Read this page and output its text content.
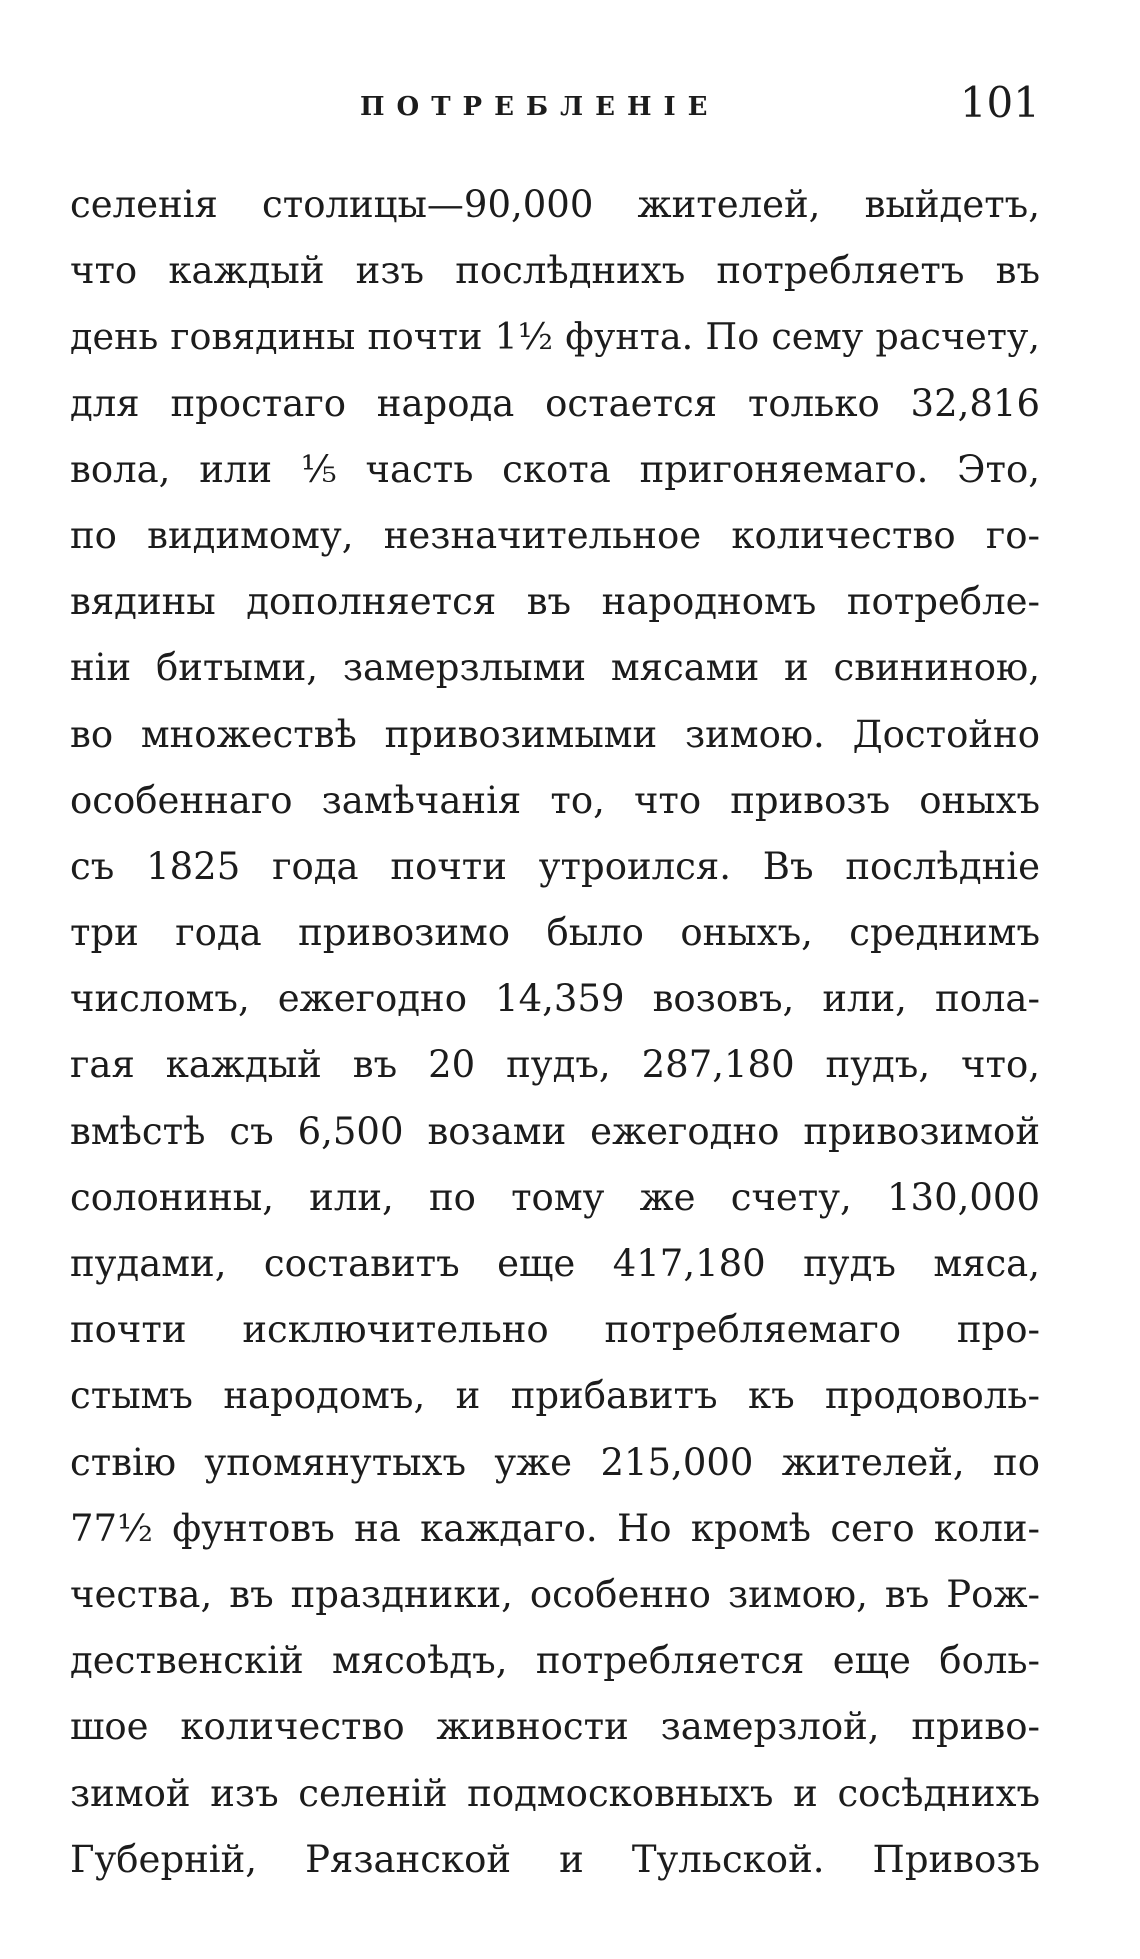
ПОТРЕБЛЕНIЕ	101
селенія столицы—90,000 жителей, выйдетъ,
что каждый изъ послѣднихъ потребляетъ въ
день говядины почти 1½ фунта. По сему расчету,
для простаго народа остается только 32,816
вола, или ⅕ часть скота пригоняемаго. Это,
по видимому, незначительное количество го-
вядины дополняется въ народномъ потребле-
ніи битыми, замерзлыми мясами и свининою,
во множествѣ привозимыми зимою. Достойно
особеннаго замѣчанія то, что привозъ оныхъ
съ 1825 года почти утроился. Въ послѣдніе
три года привозимо было оныхъ, среднимъ
числомъ, ежегодно 14,359 возовъ, или, пола-
гая каждый въ 20 пудъ, 287,180 пудъ, что,
вмѣстѣ съ 6,500 возами ежегодно привозимой
солонины, или, по тому же счету, 130,000
пудами, составитъ еще 417,180 пудъ мяса,
почти исключительно потребляемаго про-
стымъ народомъ, и прибавитъ къ продоволь-
ствію упомянутыхъ уже 215,000 жителей, по
77½ фунтовъ на каждаго. Но кромѣ сего коли-
чества, въ праздники, особенно зимою, въ Рож-
дественскій мясоѣдъ, потребляется еще боль-
шое количество живности замерзлой, приво-
зимой изъ селеній подмосковныхъ и сосѣднихъ
Губерній, Рязанской и Тульской. Привозъ
